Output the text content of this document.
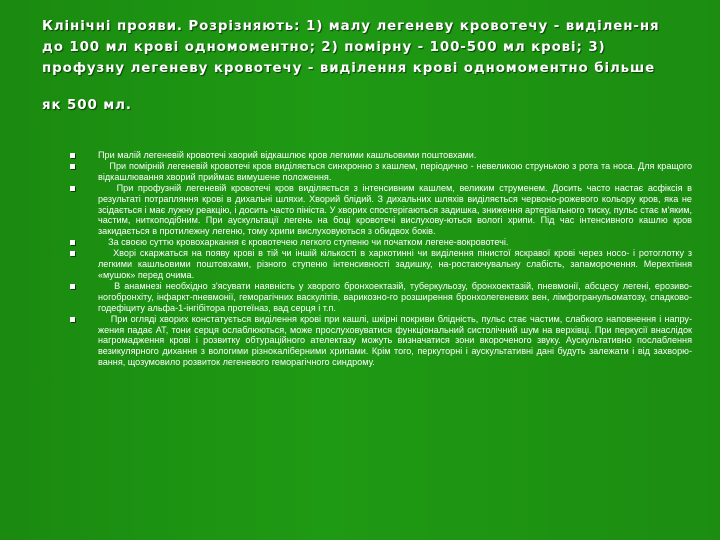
Клінічні прояви. Розрізняють: 1) малу легеневу кровотечу - виділен-ня
до 100 мл крові одномоментно; 2) помірну - 100-500 мл крові; 3)
профузну легеневу кровотечу - виділення крові одномоментно більше
як 500 мл.
При малій легеневій кровотечі хворий відкашлює кров легкими кашльовими поштовхами.
При помірній легеневій кровотечі кров виділяється синхронно з кашлем, періодично - невеликою струнькою з рота та носа. Для кращого відкашлювання хворий приймає вимушене положення.
При профузній легеневій кровотечі кров виділяється з інтенсивним кашлем, великим струменем. Досить часто настає асфіксія в результаті потрапляння крові в дихальні шляхи. Хворий блідий. З дихальних шляхів виділяється червоно-рожевого кольору кров, яка не зсідається і має лужну реакцію, і досить часто пініста. У хворих спостерігаються задишка, зниження артеріального тиску, пульс стає м'яким, частим, ниткоподібним. При аускультації легень на боці кровотечі вислухову-ються вологі хрипи. Під час інтенсивного кашлю кров закидається в протилежну легеню, тому хрипи вислуховуються з обидвох боків.
За своєю суттю кровохаркання є кровотечею легкого ступеню чи початком легене-вокровотечі.
Хворі скаржаться на появу крові в тій чи іншій кількості в харкотинні чи виділення пінистої яскравої крові через носо- і ротоглотку з легкими кашльовими поштовхами, різного ступеню інтенсивності задишку, на-ростаючувальну слабість, запаморочення. Мерехтіння «мушок» перед очима.
В анамнезі необхідно з'ясувати наявність у хворого бронхоектазій, туберкульозу, бронхоектазій, пневмонії, абсцесу легені, ерозиво-ногобронхіту, інфаркт-пневмонії, геморагічних васкулітів, варикозно-го розширення бронхолегеневих вен, лімфогранульоматозу, спадково-годефіциту альфа-1-інгібітора протеїназ, вад серця і т.п.
При огляді хворих констатується виділення крові при кашлі, шкірні покриви блідність, пульс стає частим, слабкого наповнення і напру-жения падає АТ, тони серця ослаблюються, може прослуховуватися функціональний систолічний шум на верхівці. При перкусії внаслідок нагромадження крові і розвитку обтураційного ателектазу можуть визначатися зони вкороченого звуку. Аускультативно послаблення везикулярного дихання з вологими різнокаліберними хрипами. Крім того, перкуторні і аускультативні дані будуть залежати і від захворю-вання, щозумовило розвиток легеневого геморагічного синдрому.
